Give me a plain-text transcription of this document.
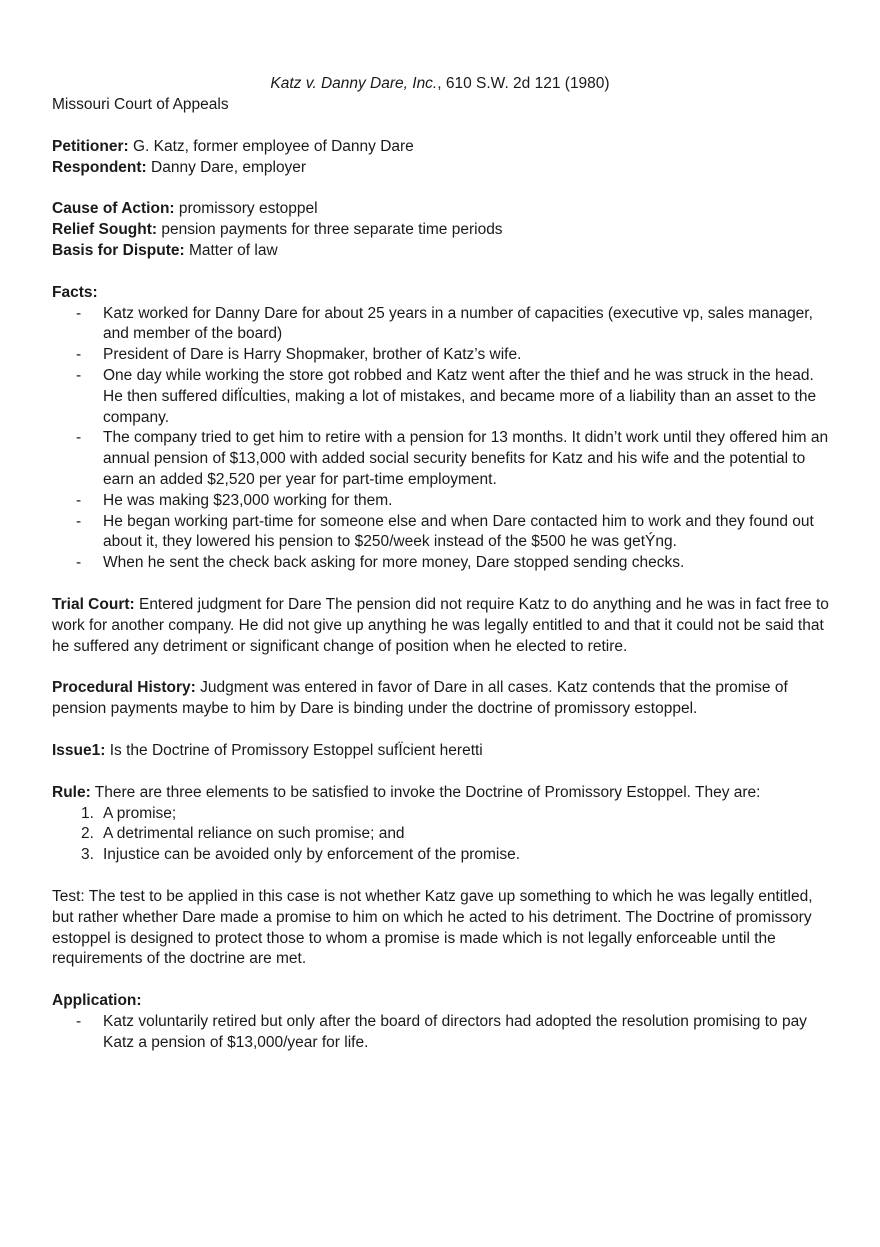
Katz v. Danny Dare, Inc., 610 S.W. 2d 121 (1980)

Missouri Court of Appeals

Petitioner: G. Katz, former employee of Danny Dare

Respondent: Danny Dare, employer

Cause of Action: promissory estoppel

Relief Sought: pension payments for three separate time periods

Basis for Dispute: Matter of law

Facts:

- Katz worked for Danny Dare for about 25 years in a number of capacities (executive vp, sales manager, and member of the board)
- President of Dare is Harry Shopmaker, brother of Katz’s wife.
- One day while working the store got robbed and Katz went after the thief and he was struck in the head. He then suffered difÏculties, making a lot of mistakes, and became more of a liability than an asset to the company.
- The company tried to get him to retire with a pension for 13 months. It didn’t work until they offered him an annual pension of $13,000 with added social security benefits for Katz and his wife and the potential to earn an added $2,520 per year for part-time employment.
- He was making $23,000 working for them.
- He began working part-time for someone else and when Dare contacted him to work and they found out about it, they lowered his pension to $250/week instead of the $500 he was getÝng.
- When he sent the check back asking for more money, Dare stopped sending checks.

Trial Court: Entered judgment for Dare The pension did not require Katz to do anything and he was in fact free to work for another company. He did not give up anything he was legally entitled to and that it could not be said that he suffered any detriment or significant change of position when he elected to retire.

Procedural History: Judgment was entered in favor of Dare in all cases. Katz contends that the promise of pension payments maybe to him by Dare is binding under the doctrine of promissory estoppel.

Issue1: Is the Doctrine of Promissory Estoppel sufÏcient heretti

Rule: There are three elements to be satisfied to invoke the Doctrine of Promissory Estoppel. They are:

1. A promise;
2. A detrimental reliance on such promise; and
3. Injustice can be avoided only by enforcement of the promise.

Test: The test to be applied in this case is not whether Katz gave up something to which he was legally entitled, but rather whether Dare made a promise to him on which he acted to his detriment. The Doctrine of promissory estoppel is designed to protect those to whom a promise is made which is not legally enforceable until the requirements of the doctrine are met.

Application:

- Katz voluntarily retired but only after the board of directors had adopted the resolution promising to pay Katz a pension of $13,000/year for life.
